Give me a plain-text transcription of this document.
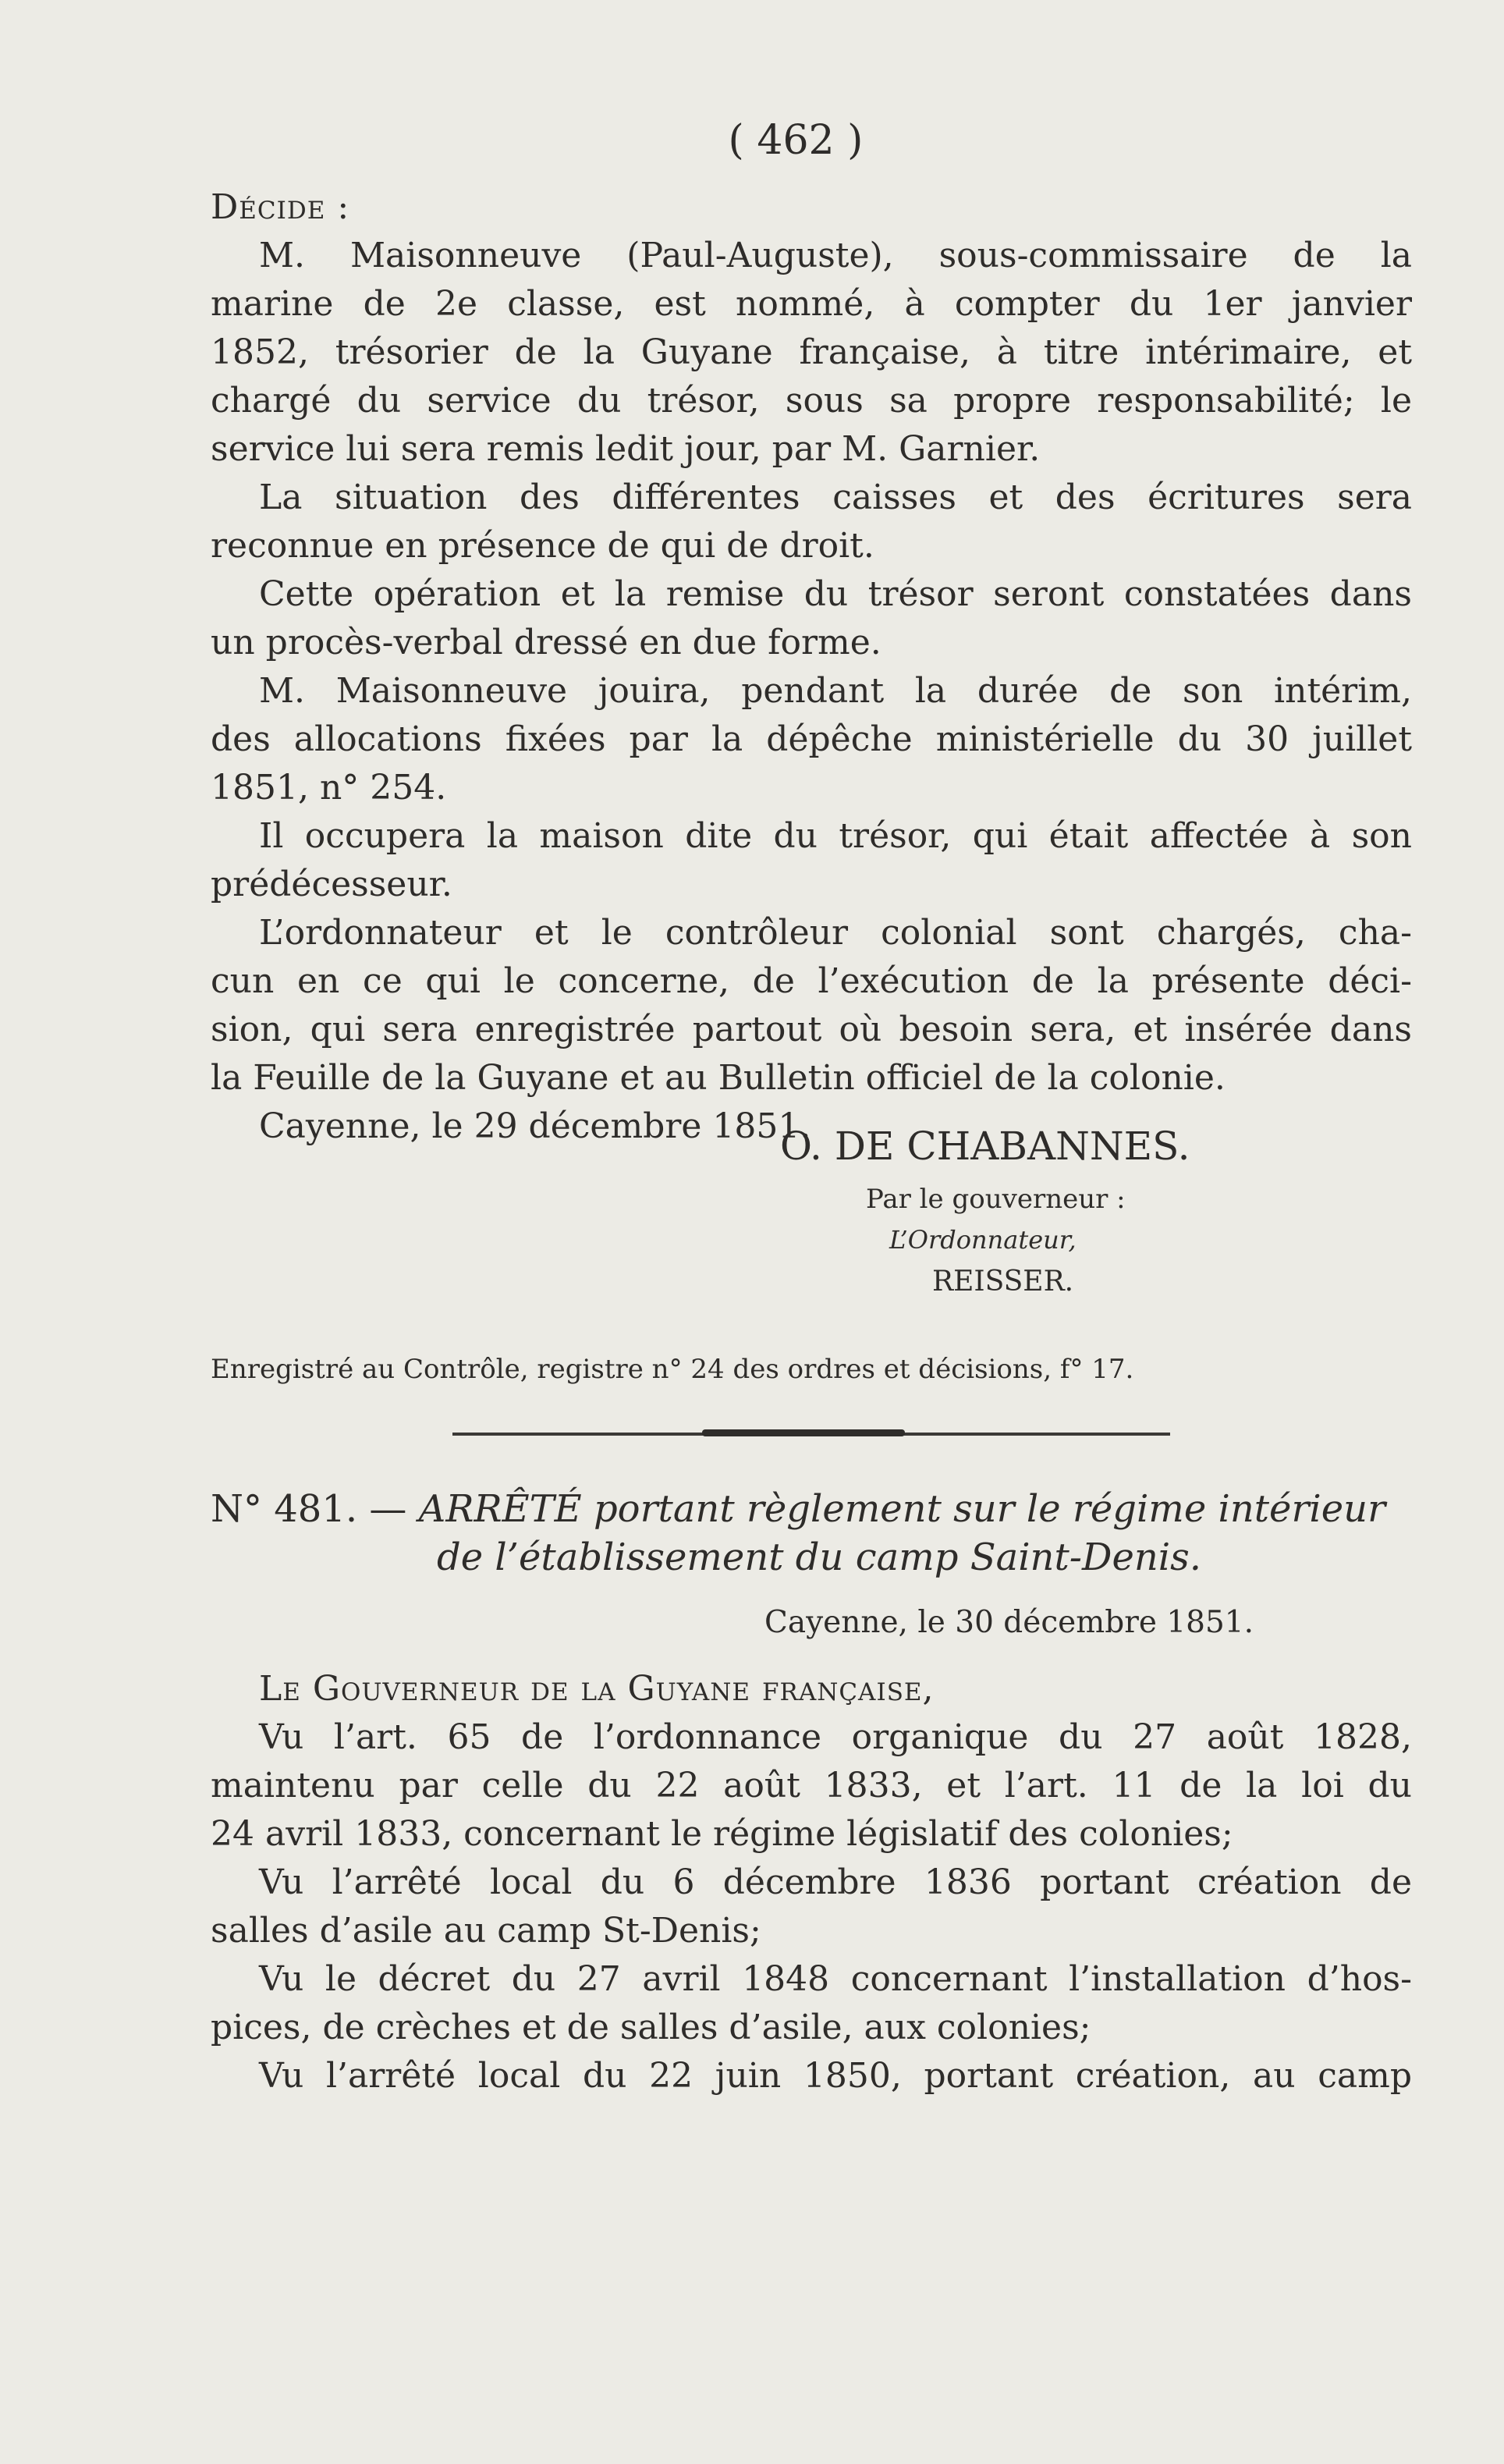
( 462 )
Décide :
M. Maisonneuve (Paul-Auguste), sous-commissaire de la
marine de 2e classe, est nommé, à compter du 1er janvier
1852, trésorier de la Guyane française, à titre intérimaire, et
chargé du service du trésor, sous sa propre responsabilité; le
service lui sera remis ledit jour, par M. Garnier.
La situation des différentes caisses et des écritures sera
reconnue en présence de qui de droit.
Cette opération et la remise du trésor seront constatées dans
un procès-verbal dressé en due forme.
M. Maisonneuve jouira, pendant la durée de son intérim,
des allocations fixées par la dépêche ministérielle du 30 juillet
1851, n° 254.
Il occupera la maison dite du trésor, qui était affectée à son
prédécesseur.
L’ordonnateur et le contrôleur colonial sont chargés, cha-
cun en ce qui le concerne, de l’exécution de la présente déci-
sion, qui sera enregistrée partout où besoin sera, et insérée dans
la Feuille de la Guyane et au Bulletin officiel de la colonie.
Cayenne, le 29 décembre 1851.
O. DE CHABANNES.
Par le gouverneur :
L’Ordonnateur,
REISSER.
Enregistré au Contrôle, registre n° 24 des ordres et décisions, f° 17.
N° 481. — ARRÊTÉ portant règlement sur le régime intérieur
de l’établissement du camp Saint-Denis.
Cayenne, le 30 décembre 1851.
Le Gouverneur de la Guyane française,
Vu l’art. 65 de l’ordonnance organique du 27 août 1828,
maintenu par celle du 22 août 1833, et l’art. 11 de la loi du
24 avril 1833, concernant le régime législatif des colonies;
Vu l’arrêté local du 6 décembre 1836 portant création de
salles d’asile au camp St-Denis;
Vu le décret du 27 avril 1848 concernant l’installation d’hos-
pices, de crèches et de salles d’asile, aux colonies;
Vu l’arrêté local du 22 juin 1850, portant création, au camp
